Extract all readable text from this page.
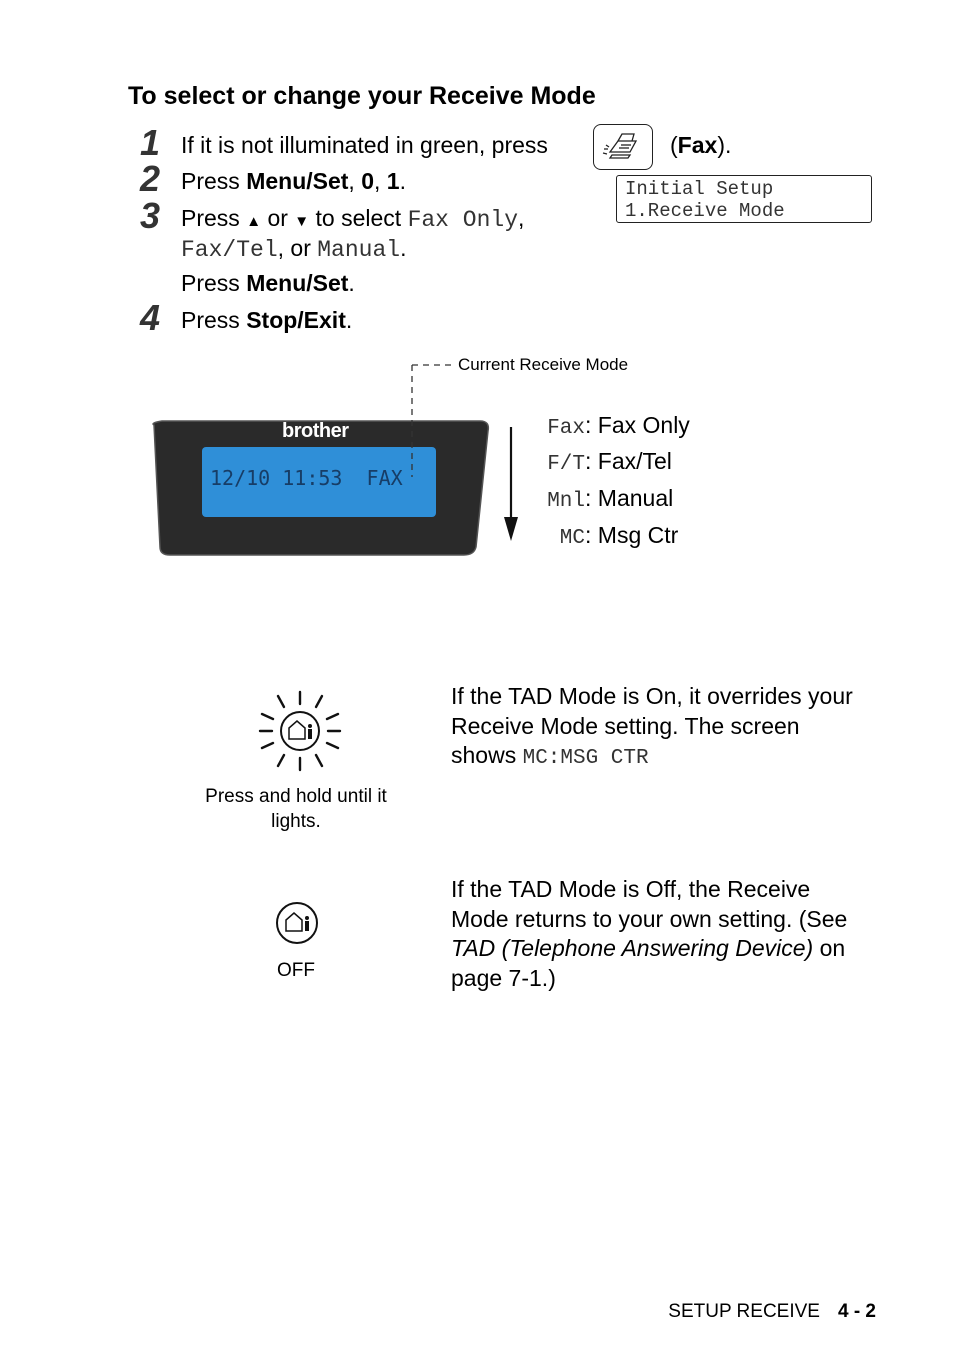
To select or change your Receive Mode
1 If it is not illuminated in green, press	(Fax).
Initial Setup
1.Receive Mode
2 Press Menu/Set, 0, 1.
3 Press ▲ or ▼ to select Fax Only,
Fax/Tel, or Manual.
Press Menu/Set.
4 Press Stop/Exit.
brother
12/10 11:53  FAX
Current Receive Mode
Fax: Fax Only
F/T: Fax/Tel
Mnl: Manual
MC: Msg Ctr
Press and hold until it lights.
If the TAD Mode is On, it overrides your Receive Mode setting. The screen shows MC:MSG CTR
OFF
If the TAD Mode is Off, the Receive Mode returns to your own setting. (See TAD (Telephone Answering Device) on page 7-1.)
SETUP RECEIVE 4 - 2
